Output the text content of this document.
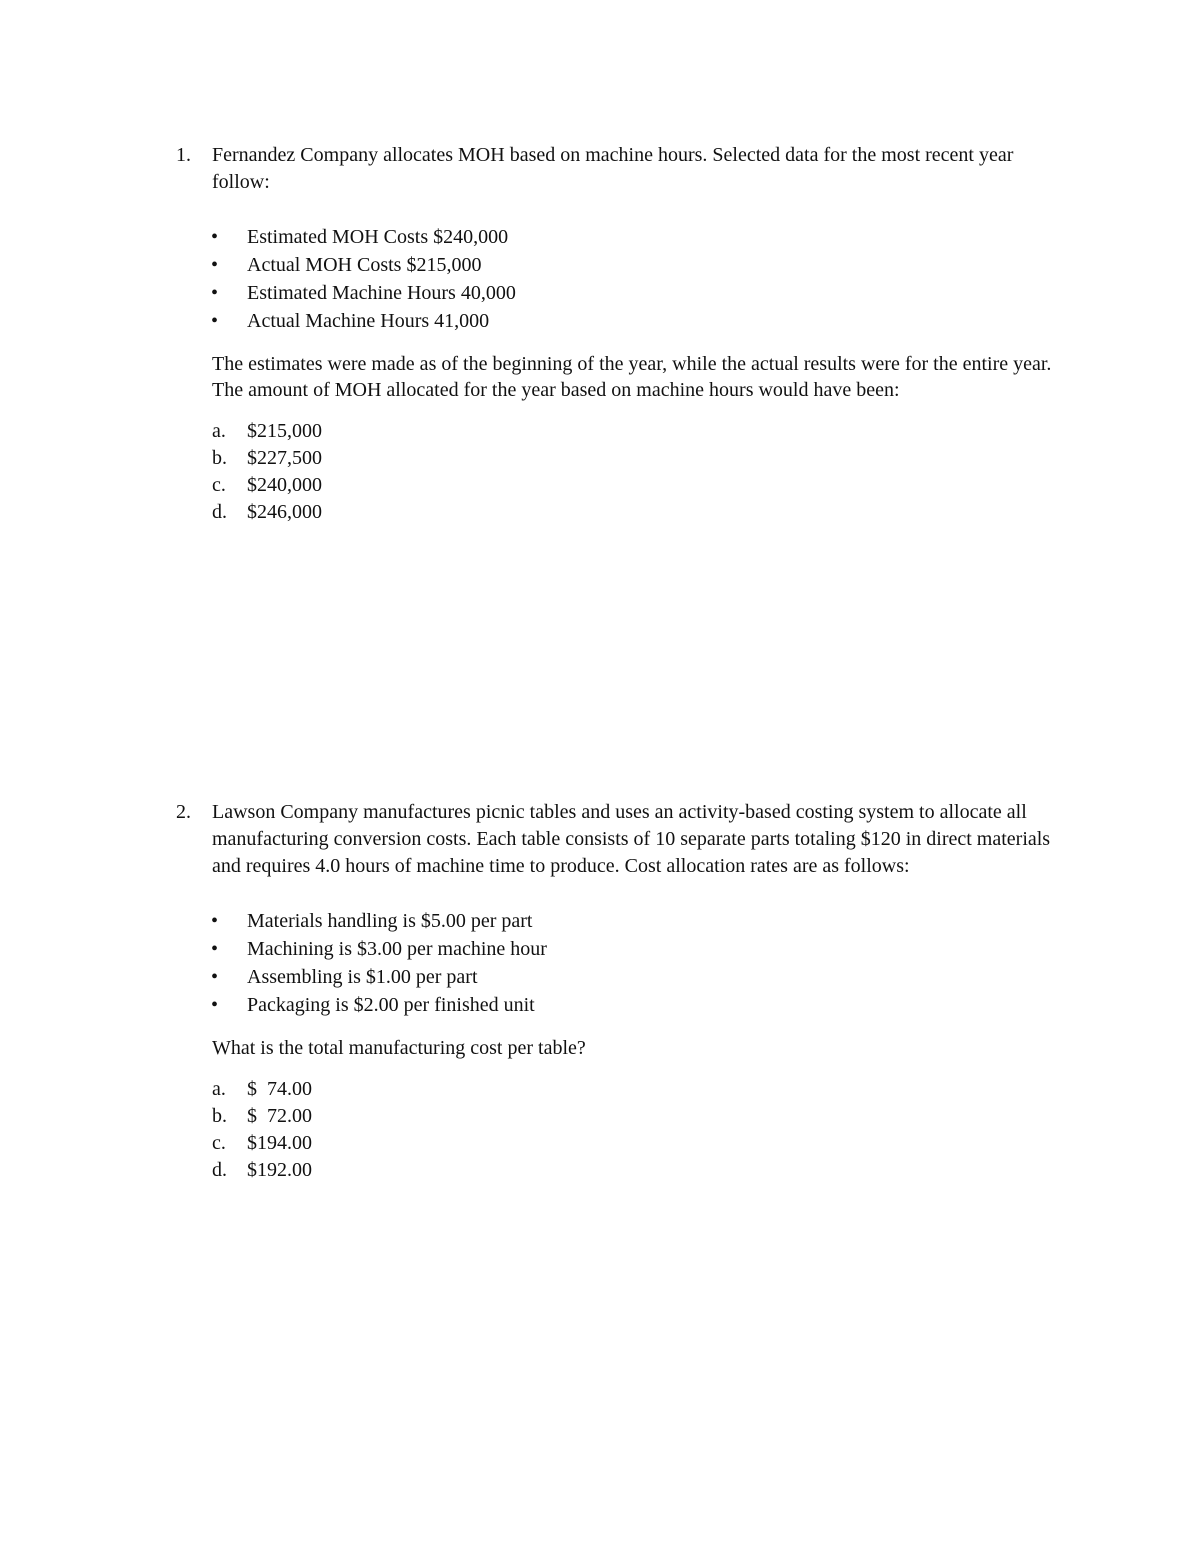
1. Fernandez Company allocates MOH based on machine hours. Selected data for the most recent year follow:
• Estimated MOH Costs $240,000
• Actual MOH Costs $215,000
• Estimated Machine Hours 40,000
• Actual Machine Hours 41,000
The estimates were made as of the beginning of the year, while the actual results were for the entire year. The amount of MOH allocated for the year based on machine hours would have been:
a. $215,000
b. $227,500
c. $240,000
d. $246,000
2. Lawson Company manufactures picnic tables and uses an activity-based costing system to allocate all manufacturing conversion costs. Each table consists of 10 separate parts totaling $120 in direct materials and requires 4.0 hours of machine time to produce. Cost allocation rates are as follows:
• Materials handling is $5.00 per part
• Machining is $3.00 per machine hour
• Assembling is $1.00 per part
• Packaging is $2.00 per finished unit
What is the total manufacturing cost per table?
a. $  74.00
b. $  72.00
c. $194.00
d. $192.00
